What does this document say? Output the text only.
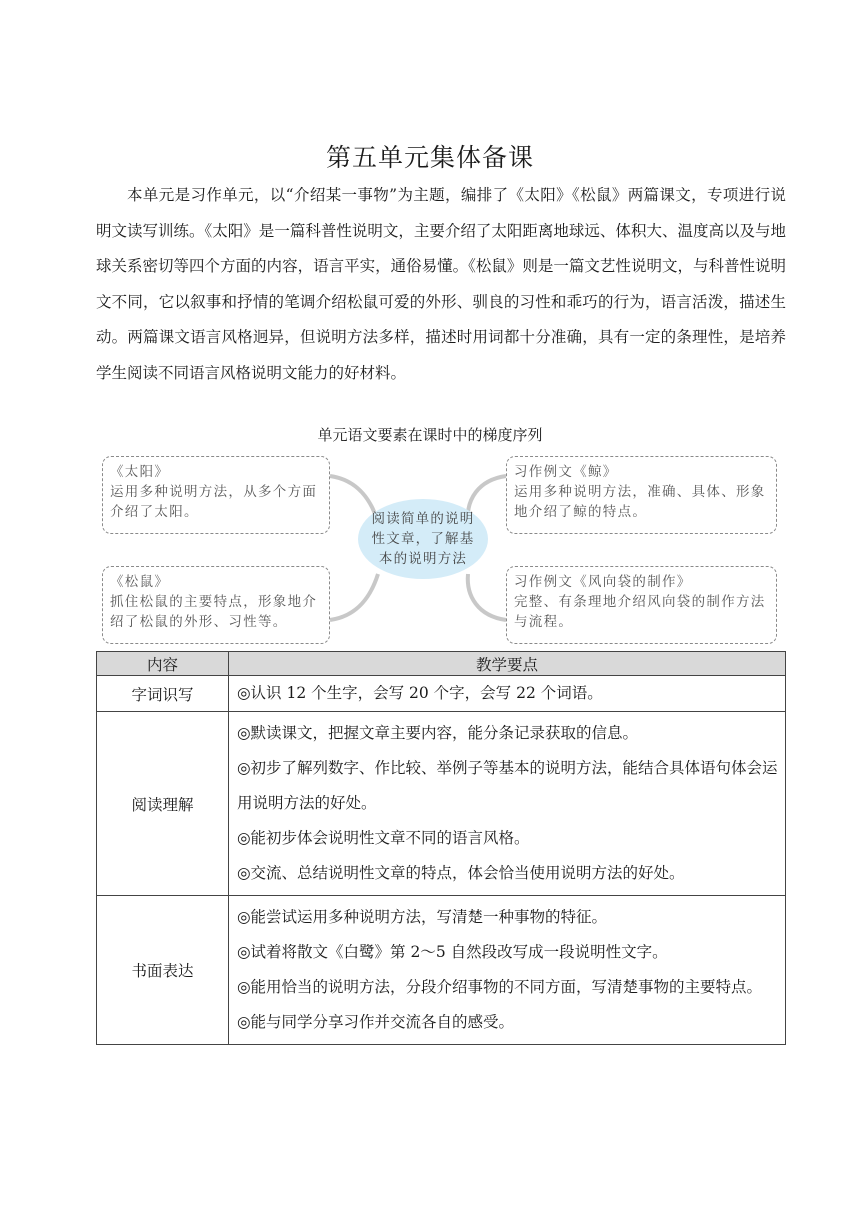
第五单元集体备课
本单元是习作单元，以“介绍某一事物”为主题，编排了《太阳》《松鼠》两篇课文，专项进行说明文读写训练。《太阳》是一篇科普性说明文，主要介绍了太阳距离地球远、体积大、温度高以及与地球关系密切等四个方面的内容，语言平实，通俗易懂。《松鼠》则是一篇文艺性说明文，与科普性说明文不同，它以叙事和抒情的笔调介绍松鼠可爱的外形、驯良的习性和乖巧的行为，语言活泼，描述生动。两篇课文语言风格迥异，但说明方法多样，描述时用词都十分准确，具有一定的条理性，是培养学生阅读不同语言风格说明文能力的好材料。
单元语文要素在课时中的梯度序列
《太阳》
运用多种说明方法，从多个方面介绍了太阳。
《松鼠》
抓住松鼠的主要特点，形象地介绍了松鼠的外形、习性等。
阅读简单的说明性文章，了解基本的说明方法
习作例文《鲸》
运用多种说明方法，准确、具体、形象地介绍了鲸的特点。
习作例文《风向袋的制作》
完整、有条理地介绍风向袋的制作方法与流程。
内容	教学要点
字词识写	◎认识 12 个生字，会写 20 个字，会写 22 个词语。

阅读理解	◎默读课文，把握文章主要内容，能分条记录获取的信息。
◎初步了解列数字、作比较、举例子等基本的说明方法，能结合具体语句体会运用说明方法的好处。
◎能初步体会说明性文章不同的语言风格。
◎交流、总结说明性文章的特点，体会恰当使用说明方法的好处。

书面表达	◎能尝试运用多种说明方法，写清楚一种事物的特征。
◎试着将散文《白鹭》第 2～5 自然段改写成一段说明性文字。
◎能用恰当的说明方法，分段介绍事物的不同方面，写清楚事物的主要特点。
◎能与同学分享习作并交流各自的感受。
